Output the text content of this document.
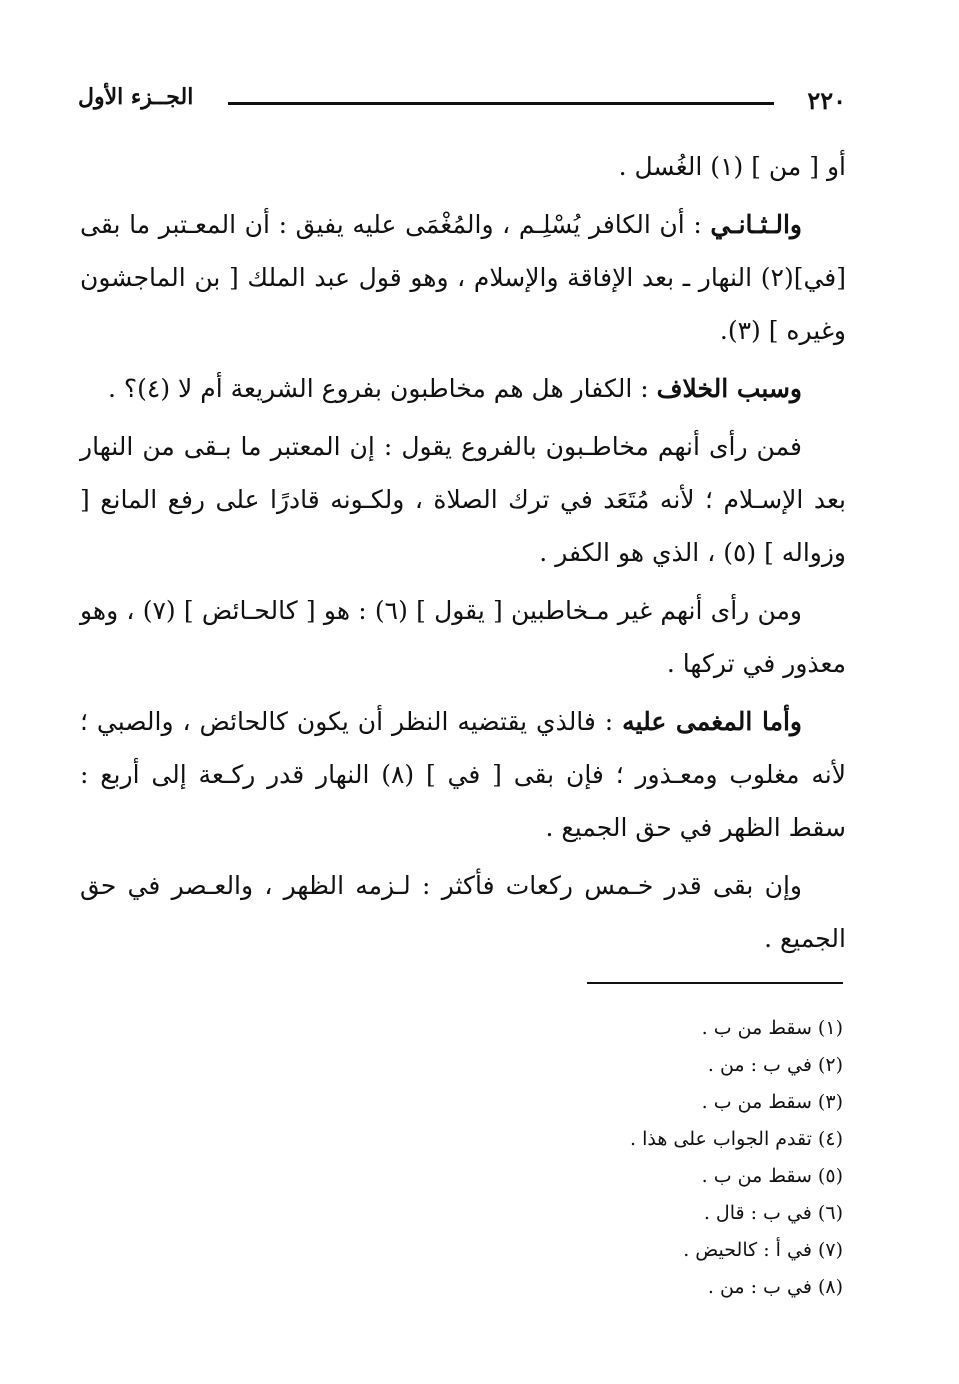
٢٢٠
الجــزء الأول

أو [ من ] (١) الغُسل .

والـثـانـي : أن الكافر يُسْلِـم ، والمُغْمَى عليه يفيق : أن المعـتبر ما بقى [في](٢) النهار ـ بعد الإفاقة والإسلام ، وهو قول عبد الملك [ بن الماجشون وغيره ] (٣).

وسبب الخلاف : الكفار هل هم مخاطبون بفروع الشريعة أم لا (٤)؟ .

فمن رأى أنهم مخاطـبون بالفروع يقول : إن المعتبر ما بـقى من النهار بعد الإسـلام ؛ لأنه مُتَعَد في ترك الصلاة ، ولكـونه قادرًا على رفع المانع [ وزواله ] (٥) ، الذي هو الكفر .

ومن رأى أنهم غير مـخاطبين [ يقول ] (٦) : هو [ كالحـائض ] (٧) ، وهو معذور في تركها .

وأما المغمى عليه : فالذي يقتضيه النظر أن يكون كالحائض ، والصبي ؛ لأنه مغلوب ومعـذور ؛ فإن بقى [ في ] (٨) النهار قدر ركـعة إلى أربع : سقط الظهر في حق الجميع .

وإن بقى قدر خـمس ركعات فأكثر : لـزمه الظهر ، والعـصر في حق الجميع .

(١) سقط من ب .
(٢) في ب : من .
(٣) سقط من ب .
(٤) تقدم الجواب على هذا .
(٥) سقط من ب .
(٦) في ب : قال .
(٧) في أ : كالحيض .
(٨) في ب : من .
